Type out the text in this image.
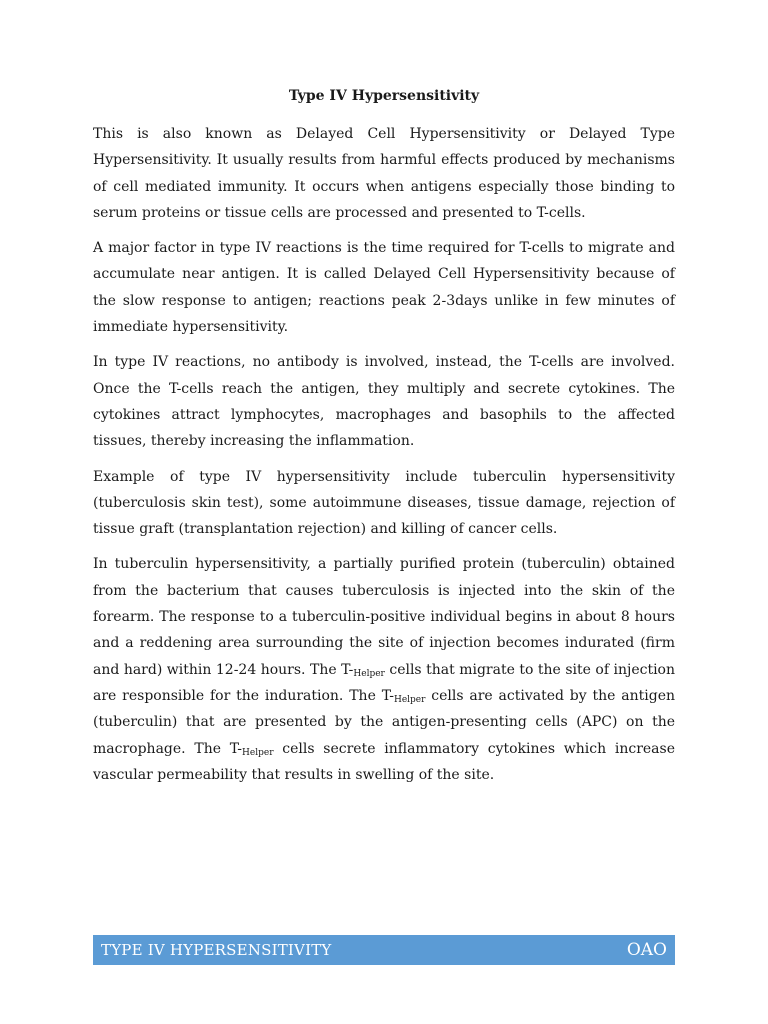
Type IV Hypersensitivity

This is also known as Delayed Cell Hypersensitivity or Delayed Type Hypersensitivity. It usually results from harmful effects produced by mechanisms of cell mediated immunity. It occurs when antigens especially those binding to serum proteins or tissue cells are processed and presented to T-cells.

A major factor in type IV reactions is the time required for T-cells to migrate and accumulate near antigen. It is called Delayed Cell Hypersensitivity because of the slow response to antigen; reactions peak 2-3days unlike in few minutes of immediate hypersensitivity.

In type IV reactions, no antibody is involved, instead, the T-cells are involved. Once the T-cells reach the antigen, they multiply and secrete cytokines. The cytokines attract lymphocytes, macrophages and basophils to the affected tissues, thereby increasing the inflammation.

Example of type IV hypersensitivity include tuberculin hypersensitivity (tuberculosis skin test), some autoimmune diseases, tissue damage, rejection of tissue graft (transplantation rejection) and killing of cancer cells.

In tuberculin hypersensitivity, a partially purified protein (tuberculin) obtained from the bacterium that causes tuberculosis is injected into the skin of the forearm. The response to a tuberculin-positive individual begins in about 8 hours and a reddening area surrounding the site of injection becomes indurated (firm and hard) within 12-24 hours. The $T-_{Helper}$ cells that migrate to the site of injection are responsible for the induration. The $T-_{Helper}$ cells are activated by the antigen (tuberculin) that are presented by the antigen-presenting cells (APC) on the macrophage. The $T-_{Helper}$ cells secrete inflammatory cytokines which increase vascular permeability that results in swelling of the site.

TYPE IV HYPERSENSITIVITY	OAO
